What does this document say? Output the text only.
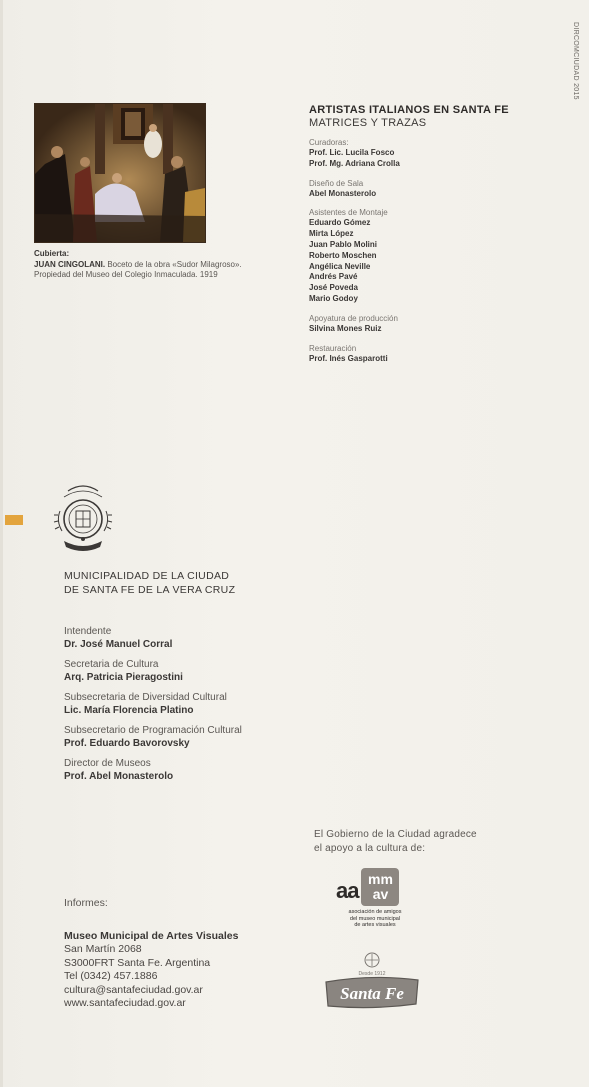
DIRCOMCIUDAD 2015
Cubierta:
JUAN CINGOLANI. Boceto de la obra «Sudor Milagroso».
Propiedad del Museo del Colegio Inmaculada. 1919
ARTISTAS ITALIANOS EN SANTA FE
MATRICES Y TRAZAS
Curadoras:
Prof. Lic. Lucila Fosco
Prof. Mg. Adriana Crolla
Diseño de Sala
Abel Monasterolo
Asistentes de Montaje
Eduardo Gómez
Mirta López
Juan Pablo Molini
Roberto Moschen
Angélica Neville
Andrés Pavé
José Poveda
Mario Godoy
Apoyatura de producción
Silvina Mones Ruiz
Restauración
Prof. Inés Gasparotti
MUNICIPALIDAD DE LA CIUDAD
DE SANTA FE DE LA VERA CRUZ
Intendente
Dr. José Manuel Corral
Secretaria de Cultura
Arq. Patricia Pieragostini
Subsecretaria de Diversidad Cultural
Lic. María Florencia Platino
Subsecretario de Programación Cultural
Prof. Eduardo Bavorovsky
Director de Museos
Prof. Abel Monasterolo
Informes:
Museo Municipal de Artes Visuales
San Martín 2068
S3000FRT Santa Fe. Argentina
Tel (0342) 457.1886
cultura@santafeciudad.gov.ar
www.santafeciudad.gov.ar
El Gobierno de la Ciudad agradece
el apoyo a la cultura de:
aa mm
av
asociación de amigos
del museo municipal
de artes visuales
Desde 1912
Santa Fe
